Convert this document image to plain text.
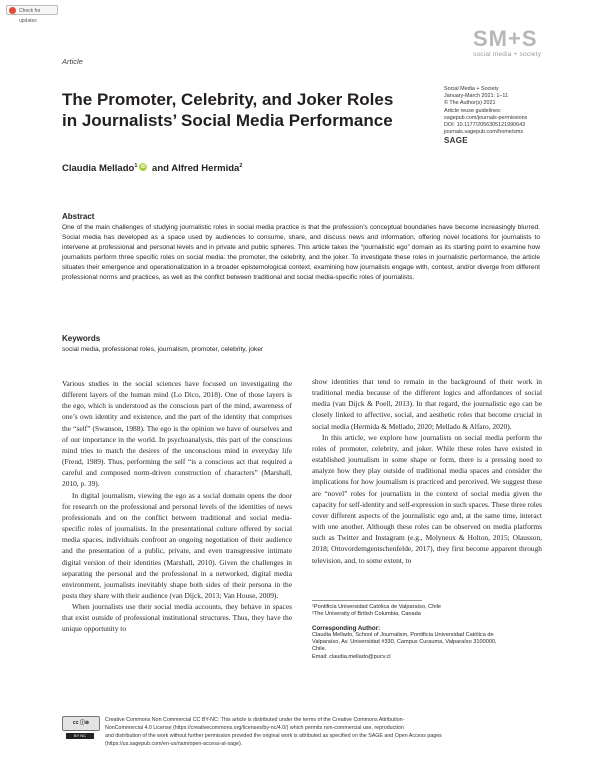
Check for updates
Article
SM+S
social media + society
Social Media + Society
January-March 2021: 1–11
© The Author(s) 2021
Article reuse guidelines:
sagepub.com/journals-permissions
DOI: 10.1177/2056305121990643
journals.sagepub.com/home/sms
SAGE
The Promoter, Celebrity, and Joker Roles
in Journalists’ Social Media Performance
Claudia Mellado$^1$ iD and Alfred Hermida$^2$
Abstract

One of the main challenges of studying journalistic roles in social media practice is that the profession’s conceptual boundaries have become increasingly blurred. Social media has developed as a space used by audiences to consume, share, and discuss news and information, offering novel locations for journalists to intervene at professional and personal levels and in private and public spheres. This article takes the “journalistic ego” domain as its starting point to examine how journalists perform three specific roles on social media: the promoter, the celebrity, and the joker. To investigate these roles in journalistic performance, the article situates their emergence and operationalization in a broader epistemological context, examining how journalists engage with, contest, and/or diverge from different professional norms and practices, as well as the conflict between traditional and social media-specific roles of journalists.

Keywords

social media, professional roles, journalism, promoter, celebrity, joker

Various studies in the social sciences have focused on investigating the different layers of the human mind (Lo Dico, 2018). One of those layers is the ego, which is understood as the conscious part of the mind, awareness of one’s own identity and existence, and the part of the identity that comprises the “self” (Swanson, 1988). The ego is the opinion we have of ourselves and of our importance in the world. In psychoanalysis, this part of the conscious mind tries to match the desires of the unconscious mind in everyday life (Freud, 1989). Thus, performing the self “is a conscious act that required a careful and composed norm-driven construction of characters” (Marshall, 2010, p. 39).

In digital journalism, viewing the ego as a social domain opens the door for research on the professional and personal levels of the identities of news professionals and on the conflict between traditional and social media-specific roles of journalists. In the presentational culture offered by social media spaces, individuals confront an ongoing negotiation of their audience and the presentation of a public, private, and even transgressive intimate digital version of their identities (Marshall, 2010). Given the challenges in separating the personal and the professional in a networked, digital media environment, journalists inevitably shape both sides of their persona in the posts they share with their audience (van Dijck, 2013; Van House, 2009).

When journalists use their social media accounts, they behave in spaces that exist outside of professional institutional structures. Thus, they have the unique opportunity to

show identities that tend to remain in the background of their work in traditional media because of the different logics and affordances of social media (van Dijck & Poell, 2013). In that regard, the journalistic ego can be closely linked to affective, social, and aesthetic roles that become crucial in social media (Hermida & Mellado, 2020; Mellado & Alfaro, 2020).

In this article, we explore how journalists on social media perform the roles of promoter, celebrity, and joker. While these roles have existed in established journalism in some shape or form, there is a pressing need to analyze how they play outside of traditional media spaces and consider the implications for how journalism is practiced and perceived. We suggest these are “novel” roles for journalists in the context of social media given the capacity for self-identity and self-expression in such spaces. These three roles cover different aspects of the journalistic ego and, at the same time, interact with one another. Although these roles can be observed on media platforms such as Twitter and Instagram (e.g., Molyneux & Holton, 2015; Olausson, 2018; Ottovordemgentschenfelde, 2017), they first become apparent through television, and, to some extent, to

¹Pontificia Universidad Católica de Valparaíso, Chile
²The University of British Columbia, Canada
Corresponding Author:
Claudia Mellado, School of Journalism, Pontificia Universidad Católica de
Valparaíso, Av. Universidad #330, Campus Curauma, Valparaíso 3100000,
Chile.
Email: claudia.mellado@pucv.cl
cc ⓘ⊜
BY NC
Creative Commons Non Commercial CC BY-NC: This article is distributed under the terms of the Creative Commons Attribution-
NonCommercial 4.0 License (https://creativecommons.org/licenses/by-nc/4.0/) which permits non-commercial use, reproduction
and distribution of the work without further permission provided the original work is attributed as specified on the SAGE and Open Access pages
(https://us.sagepub.com/en-us/nam/open-access-at-sage).
